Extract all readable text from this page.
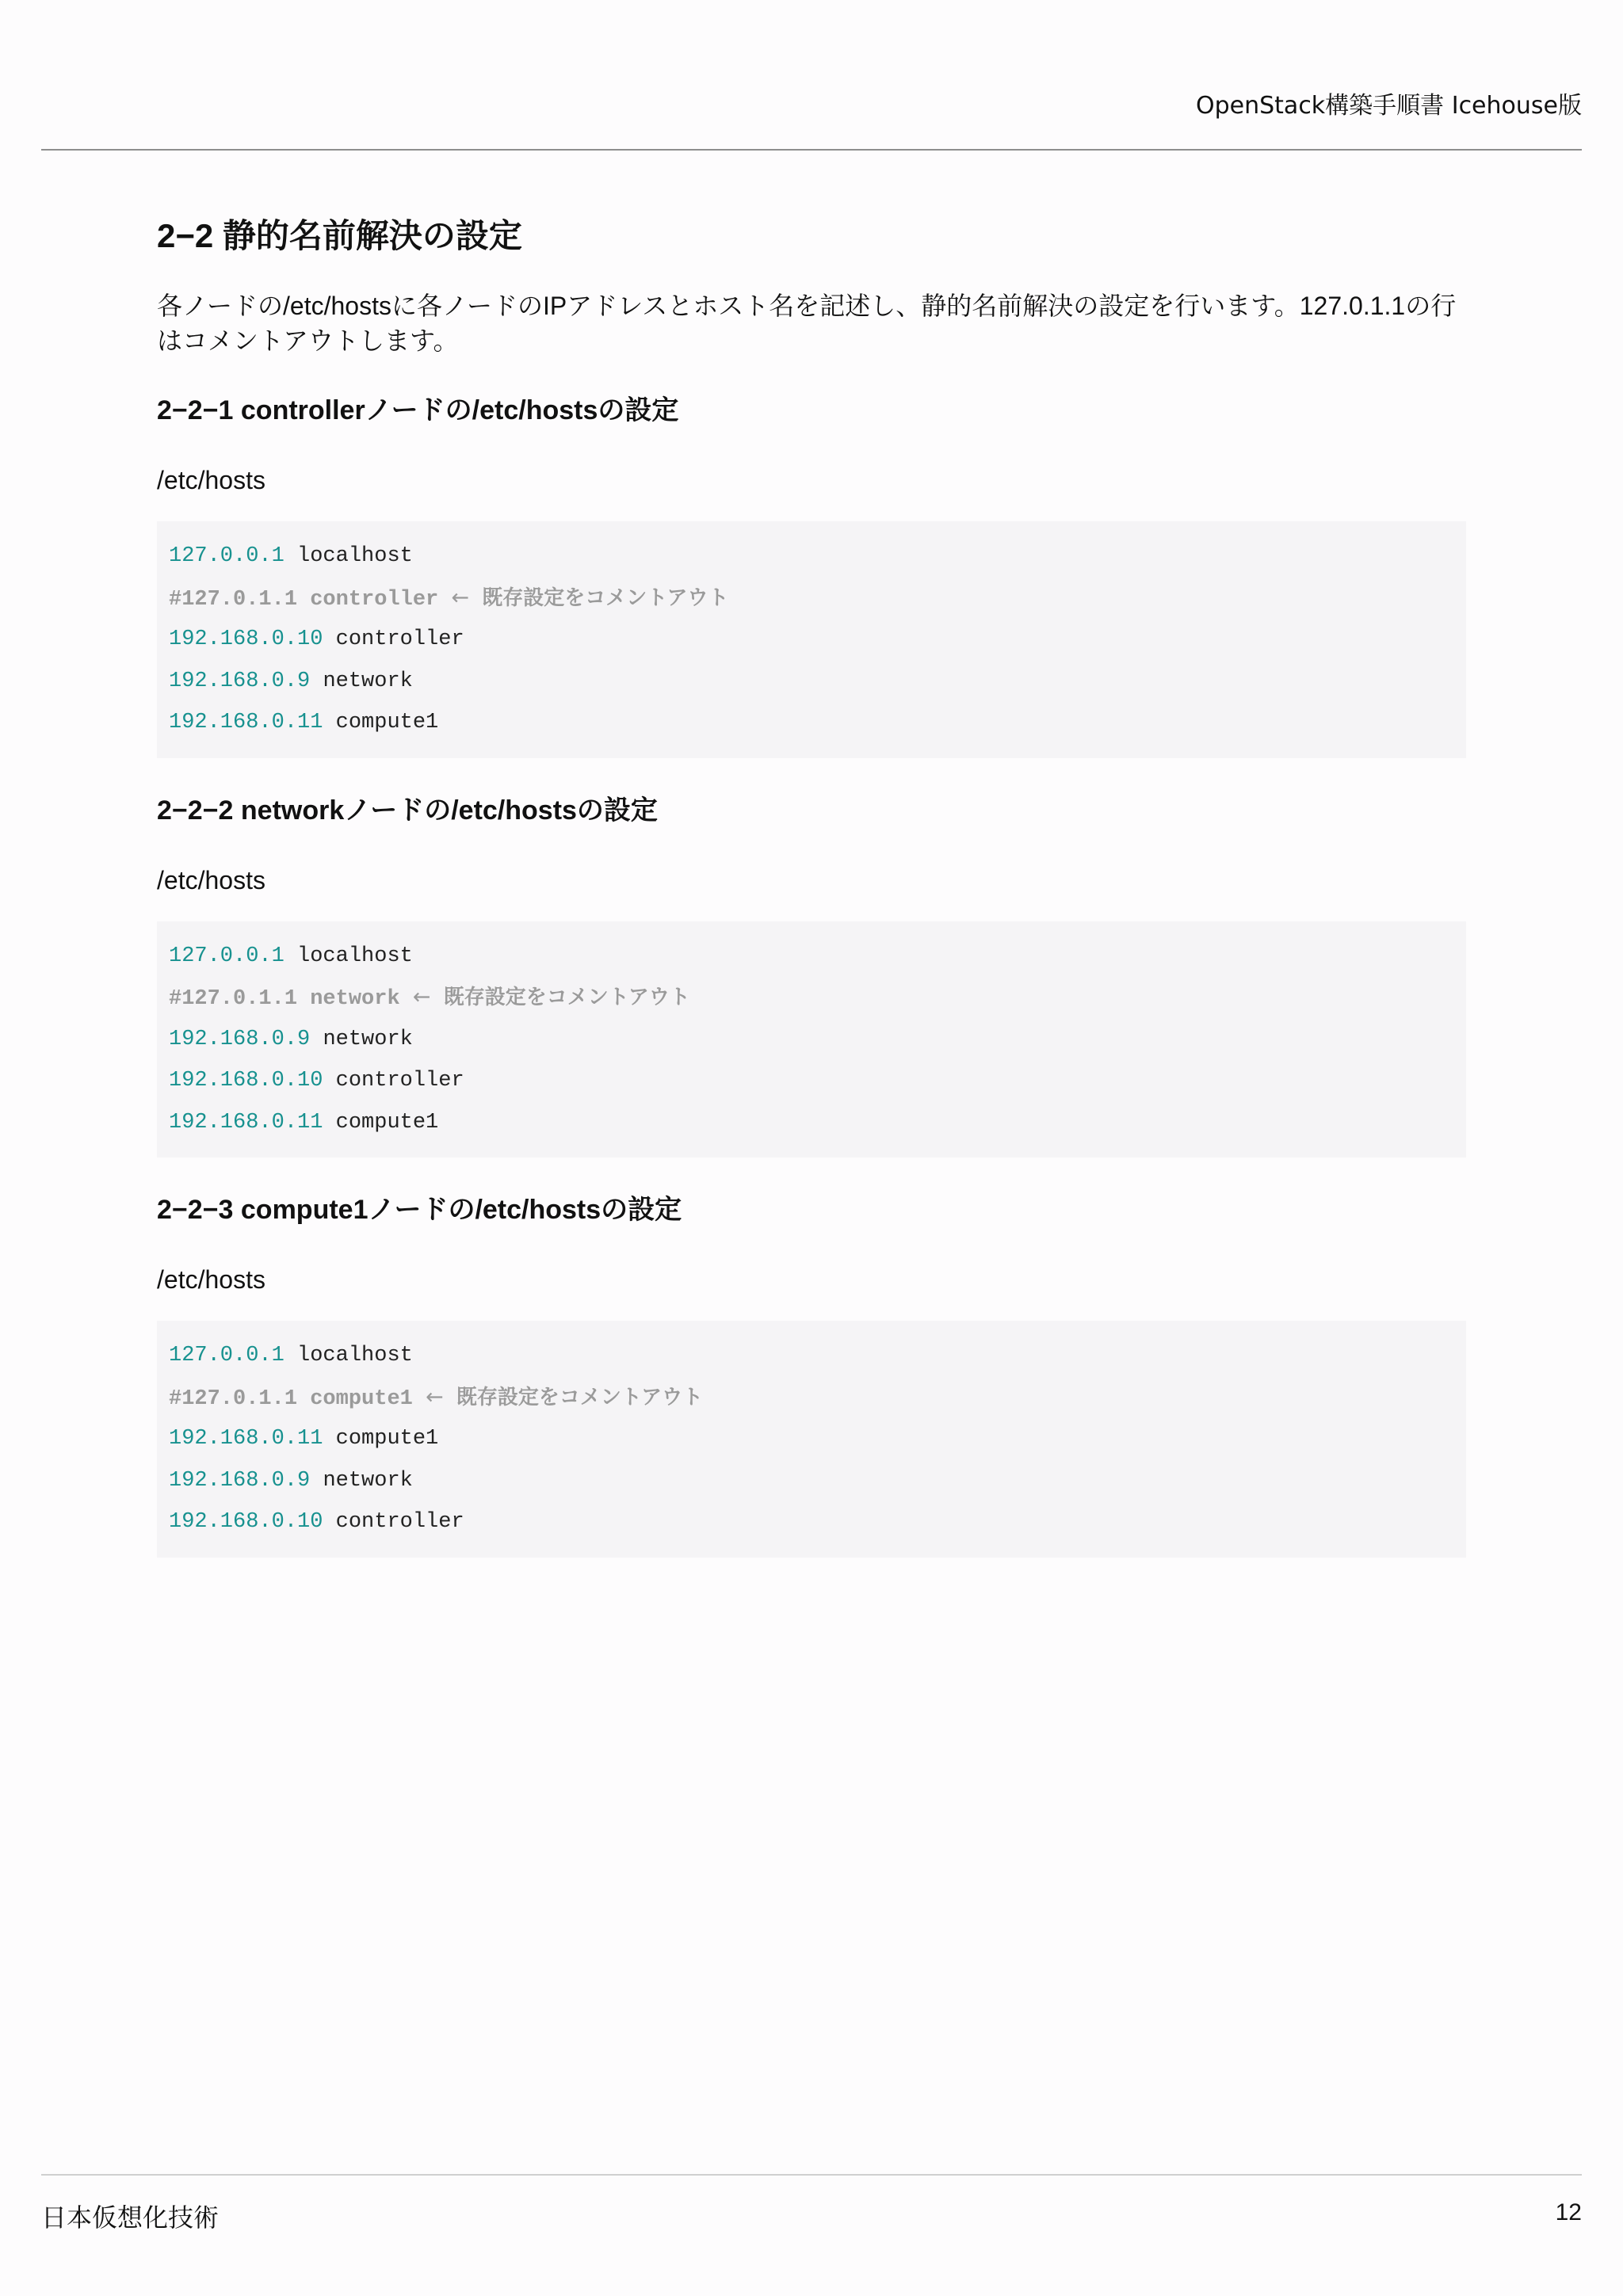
OpenStack構築手順書 Icehouse版
2−2 静的名前解決の設定
各ノードの/etc/hostsに各ノードのIPアドレスとホスト名を記述し、静的名前解決の設定を行います。127.0.1.1の行はコメントアウトします。
2−2−1 controllerノードの/etc/hostsの設定
/etc/hosts
127.0.0.1 localhost
#127.0.1.1 controller ← 既存設定をコメントアウト
192.168.0.10 controller
192.168.0.9 network
192.168.0.11 compute1
2−2−2 networkノードの/etc/hostsの設定
/etc/hosts
127.0.0.1 localhost
#127.0.1.1 network ← 既存設定をコメントアウト
192.168.0.9 network
192.168.0.10 controller
192.168.0.11 compute1
2−2−3 compute1ノードの/etc/hostsの設定
/etc/hosts
127.0.0.1 localhost
#127.0.1.1 compute1 ← 既存設定をコメントアウト
192.168.0.11 compute1
192.168.0.9 network
192.168.0.10 controller
日本仮想化技術	12
